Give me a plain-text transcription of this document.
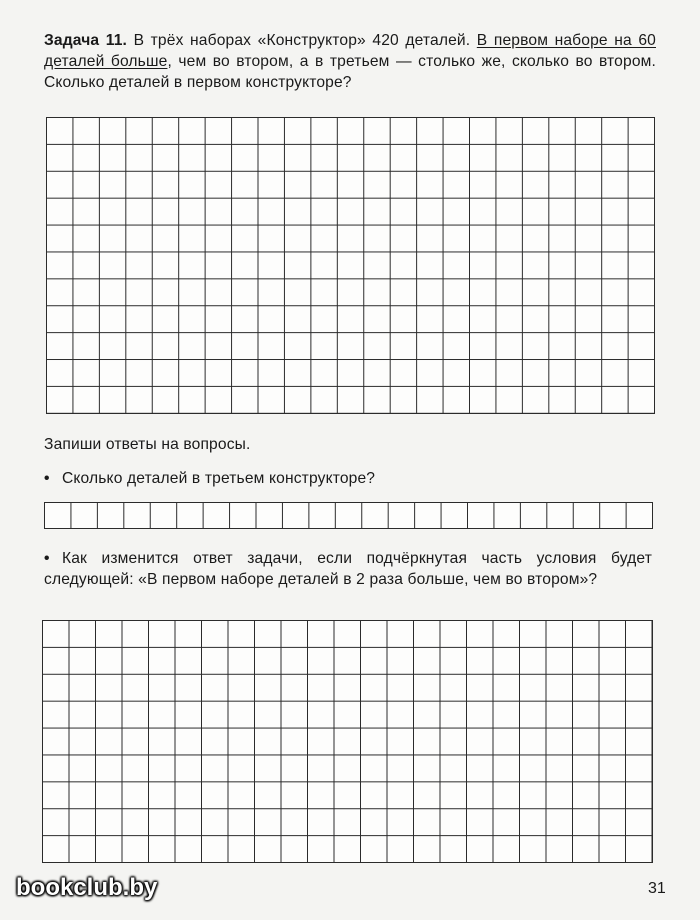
Задача 11. В трёх наборах «Конструктор» 420 деталей. В первом наборе на 60 деталей больше, чем во втором, а в третьем — столько же, сколько во втором. Сколько деталей в первом конструкторе?
Запиши ответы на вопросы.
• Сколько деталей в третьем конструкторе?
• Как изменится ответ задачи, если подчёркнутая часть условия будет следующей: «В первом наборе деталей в 2 раза больше, чем во втором»?
bookclub.by	31
